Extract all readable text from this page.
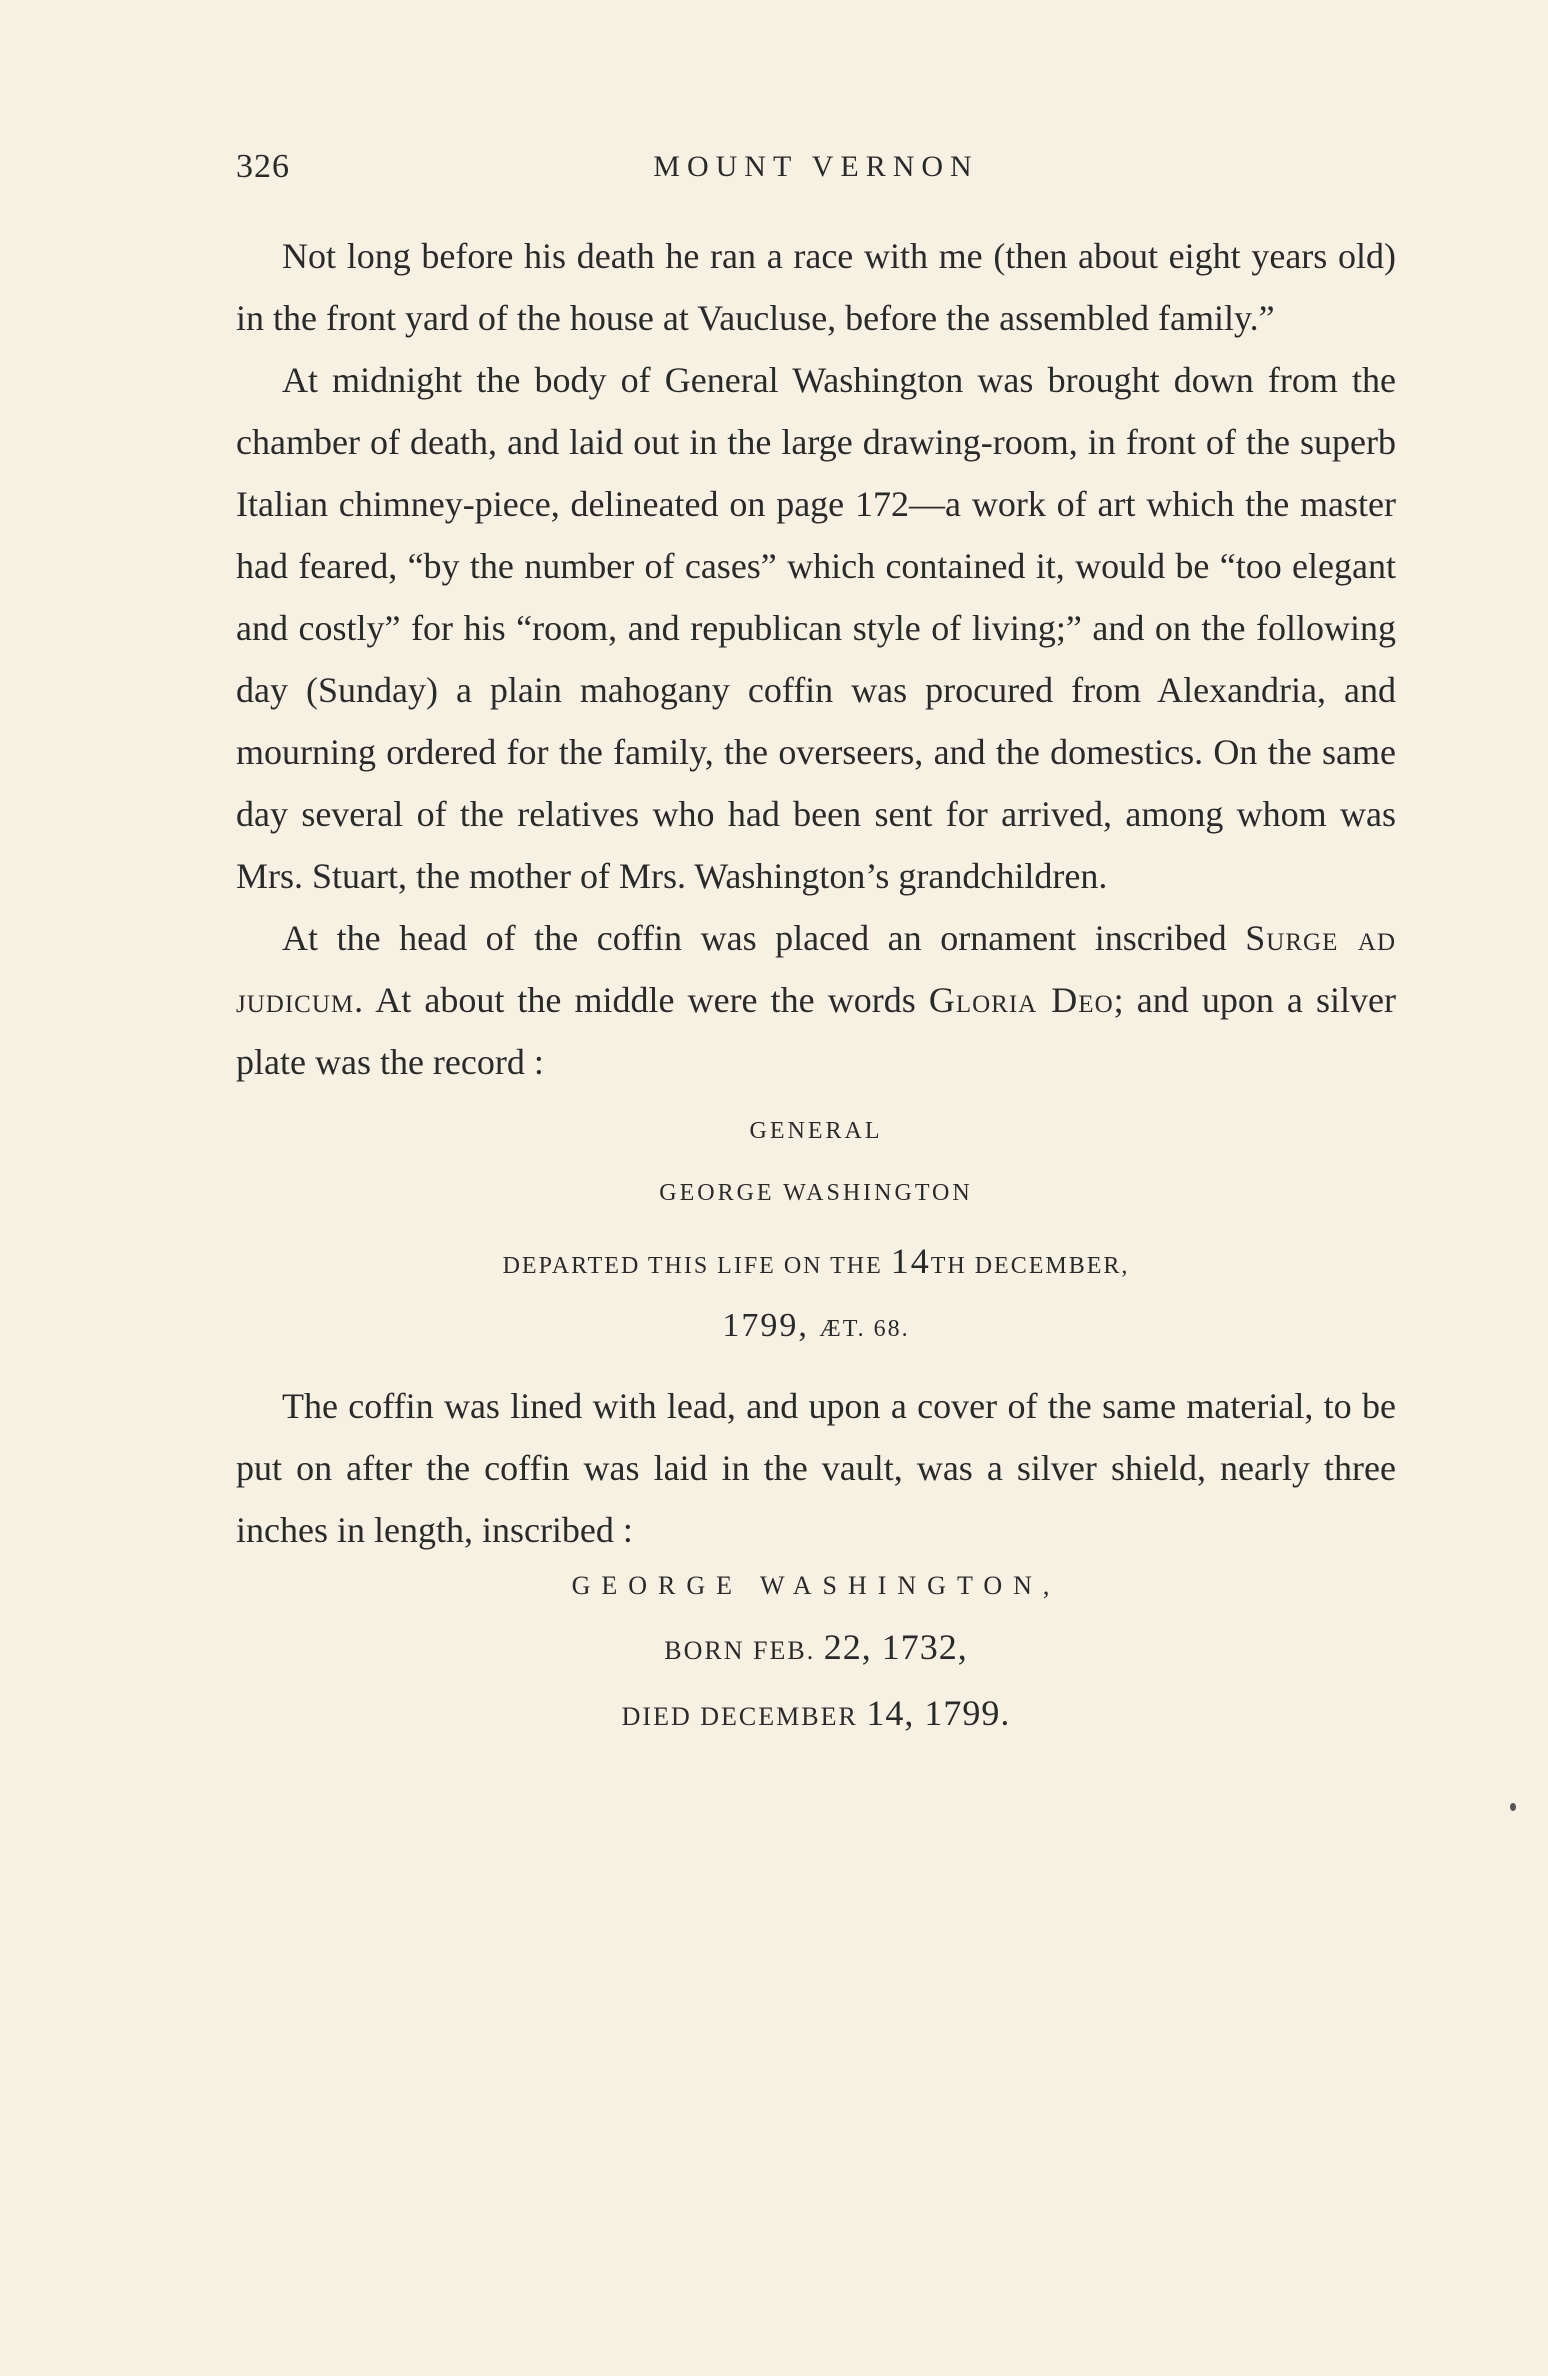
326	MOUNT VERNON

Not long before his death he ran a race with me (then about eight years old) in the front yard of the house at Vaucluse, before the assembled family.”

At midnight the body of General Washington was brought down from the chamber of death, and laid out in the large drawing-room, in front of the superb Italian chimney-piece, delineated on page 172—a work of art which the master had feared, “by the number of cases” which contained it, would be “too elegant and costly” for his “room, and republican style of living;” and on the following day (Sunday) a plain mahogany coffin was procured from Alexandria, and mourning ordered for the family, the overseers, and the domestics. On the same day several of the relatives who had been sent for arrived, among whom was Mrs. Stuart, the mother of Mrs. Washington’s grandchildren.

At the head of the coffin was placed an ornament inscribed Surge ad judicum. At about the middle were the words Gloria Deo; and upon a silver plate was the record :

GENERAL
GEORGE WASHINGTON
DEPARTED THIS LIFE ON THE 14TH DECEMBER,
1799, ÆT. 68.

The coffin was lined with lead, and upon a cover of the same material, to be put on after the coffin was laid in the vault, was a silver shield, nearly three inches in length, inscribed :

GEORGE WASHINGTON,
BORN FEB. 22, 1732,
DIED DECEMBER 14, 1799.
